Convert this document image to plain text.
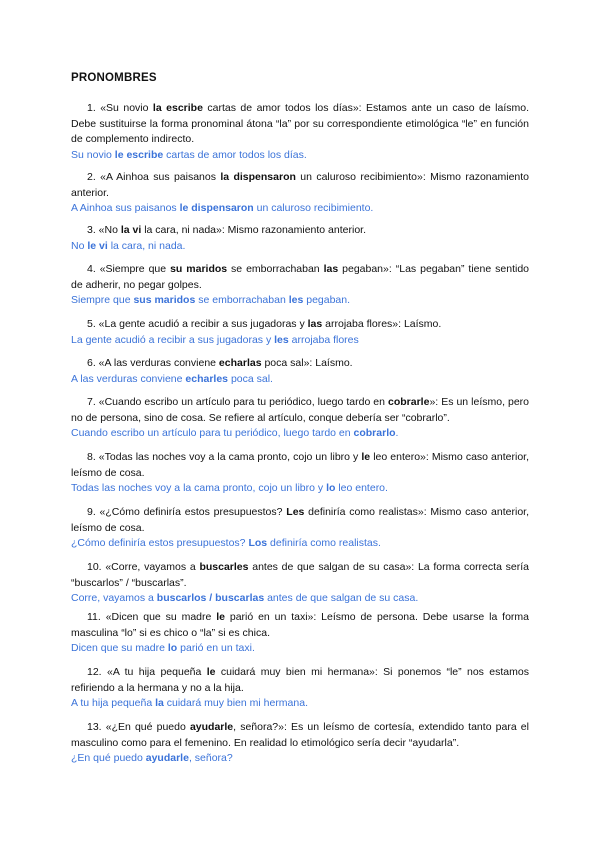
PRONOMBRES

1. «Su novio la escribe cartas de amor todos los días»: Estamos ante un caso de laísmo. Debe sustituirse la forma pronominal átona “la” por su correspondiente etimológica “le” en función de complemento indirecto.

Su novio le escribe cartas de amor todos los días.

2. «A Ainhoa sus paisanos la dispensaron un caluroso recibimiento»: Mismo razonamiento anterior.

A Ainhoa sus paisanos le dispensaron un caluroso recibimiento.

3. «No la vi la cara, ni nada»: Mismo razonamiento anterior.

No le vi la cara, ni nada.

4. «Siempre que su maridos se emborrachaban las pegaban»: “Las pegaban” tiene sentido de adherir, no pegar golpes.

Siempre que sus maridos se emborrachaban les pegaban.

5. «La gente acudió a recibir a sus jugadoras y las arrojaba flores»: Laísmo.

La gente acudió a recibir a sus jugadoras y les arrojaba flores

6. «A las verduras conviene echarlas poca sal»: Laísmo.

A las verduras conviene echarles poca sal.

7. «Cuando escribo un artículo para tu periódico, luego tardo en cobrarle»: Es un leísmo, pero no de persona, sino de cosa. Se refiere al artículo, conque debería ser “cobrarlo”.

Cuando escribo un artículo para tu periódico, luego tardo en cobrarlo.

8. «Todas las noches voy a la cama pronto, cojo un libro y le leo entero»: Mismo caso anterior, leísmo de cosa.

Todas las noches voy a la cama pronto, cojo un libro y lo leo entero.

9. «¿Cómo definiría estos presupuestos? Les definiría como realistas»: Mismo caso anterior, leísmo de cosa.

¿Cómo definiría estos presupuestos? Los definiría como realistas.

10. «Corre, vayamos a buscarles antes de que salgan de su casa»: La forma correcta sería “buscarlos” / “buscarlas”.

Corre, vayamos a buscarlos / buscarlas antes de que salgan de su casa.

11. «Dicen que su madre le parió en un taxi»: Leísmo de persona. Debe usarse la forma masculina “lo” si es chico o “la” si es chica.

Dicen que su madre lo parió en un taxi.

12. «A tu hija pequeña le cuidará muy bien mi hermana»: Si ponemos “le” nos estamos refiriendo a la hermana y no a la hija.

A tu hija pequeña la cuidará muy bien mi hermana.

13. «¿En qué puedo ayudarle, señora?»: Es un leísmo de cortesía, extendido tanto para el masculino como para el femenino. En realidad lo etimológico sería decir “ayudarla”.

¿En qué puedo ayudarle, señora?
